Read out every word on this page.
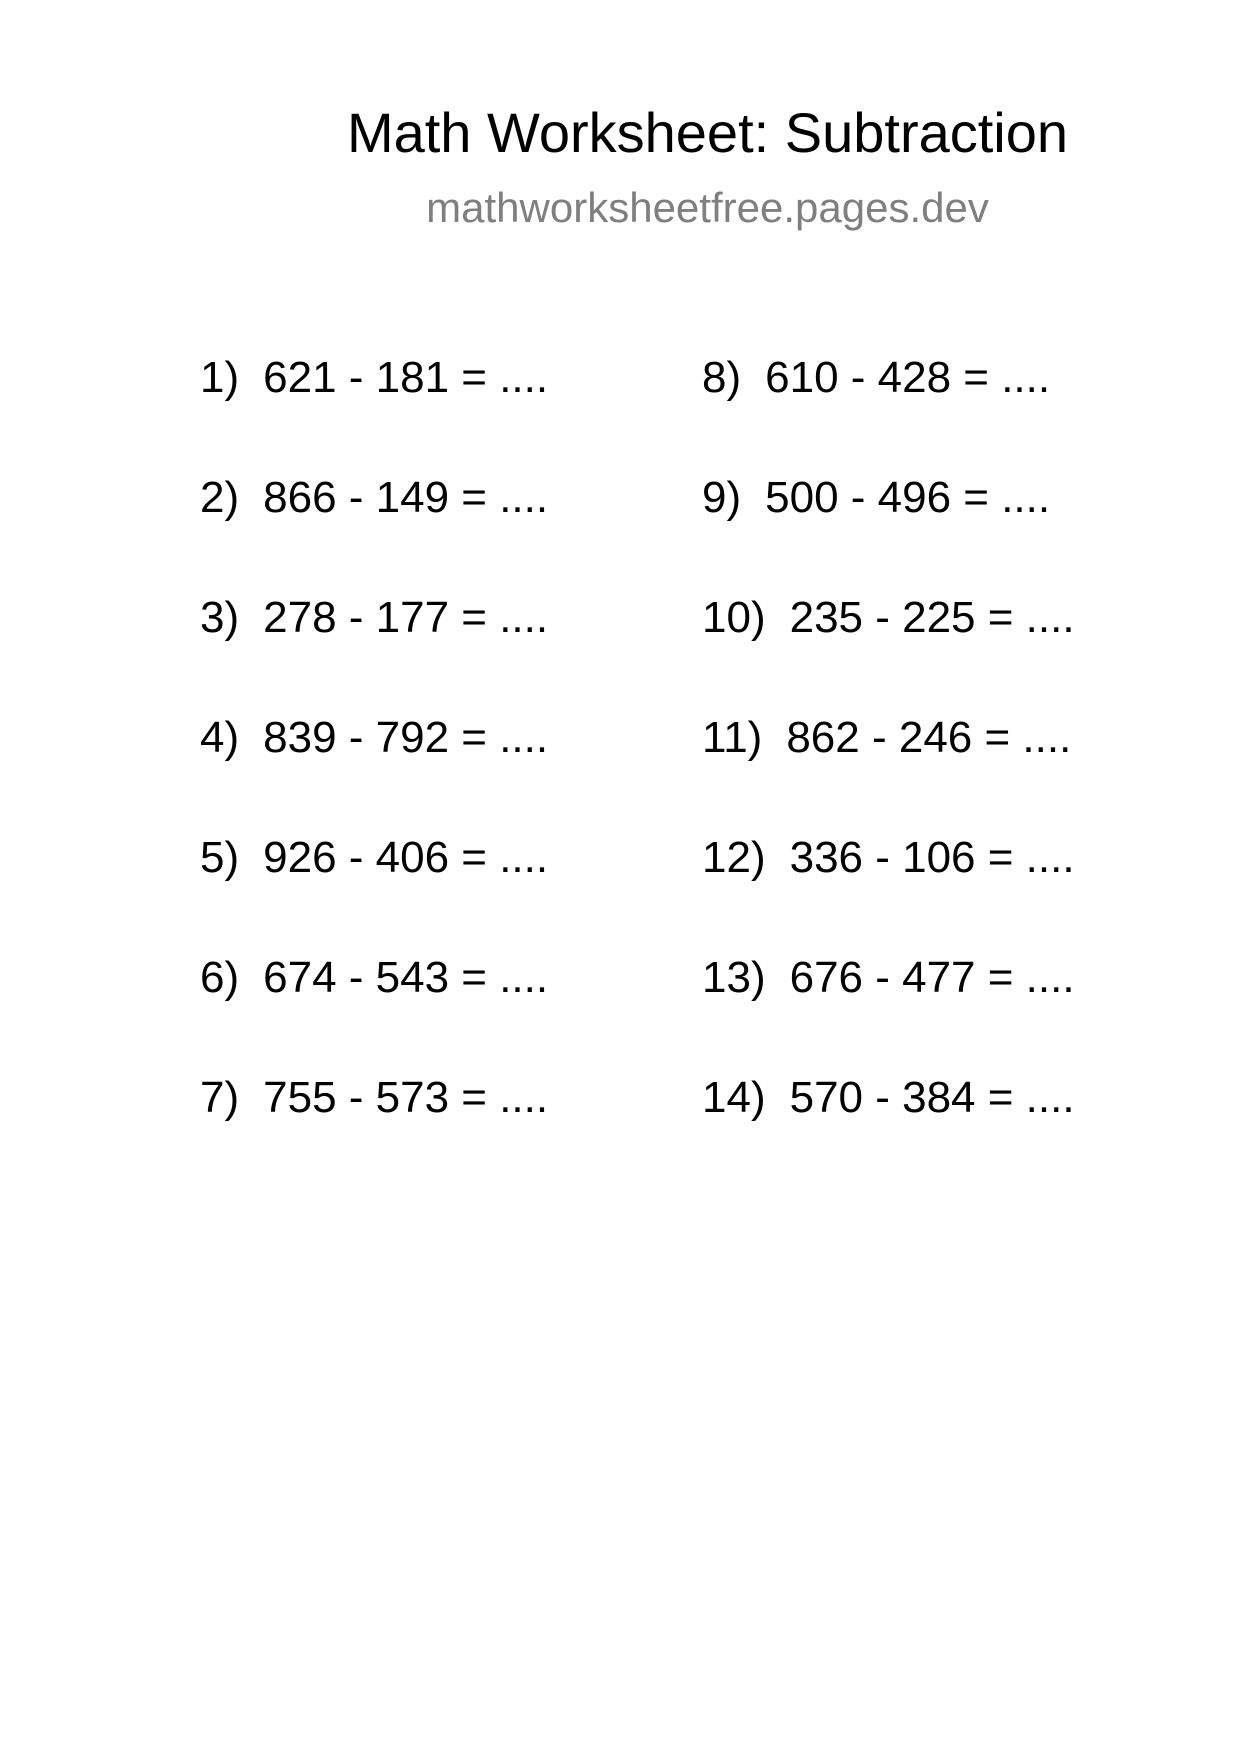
Math Worksheet: Subtraction
mathworksheetfree.pages.dev
1) 621 - 181 = ....
2) 866 - 149 = ....
3) 278 - 177 = ....
4) 839 - 792 = ....
5) 926 - 406 = ....
6) 674 - 543 = ....
7) 755 - 573 = ....
8) 610 - 428 = ....
9) 500 - 496 = ....
10) 235 - 225 = ....
11) 862 - 246 = ....
12) 336 - 106 = ....
13) 676 - 477 = ....
14) 570 - 384 = ....
